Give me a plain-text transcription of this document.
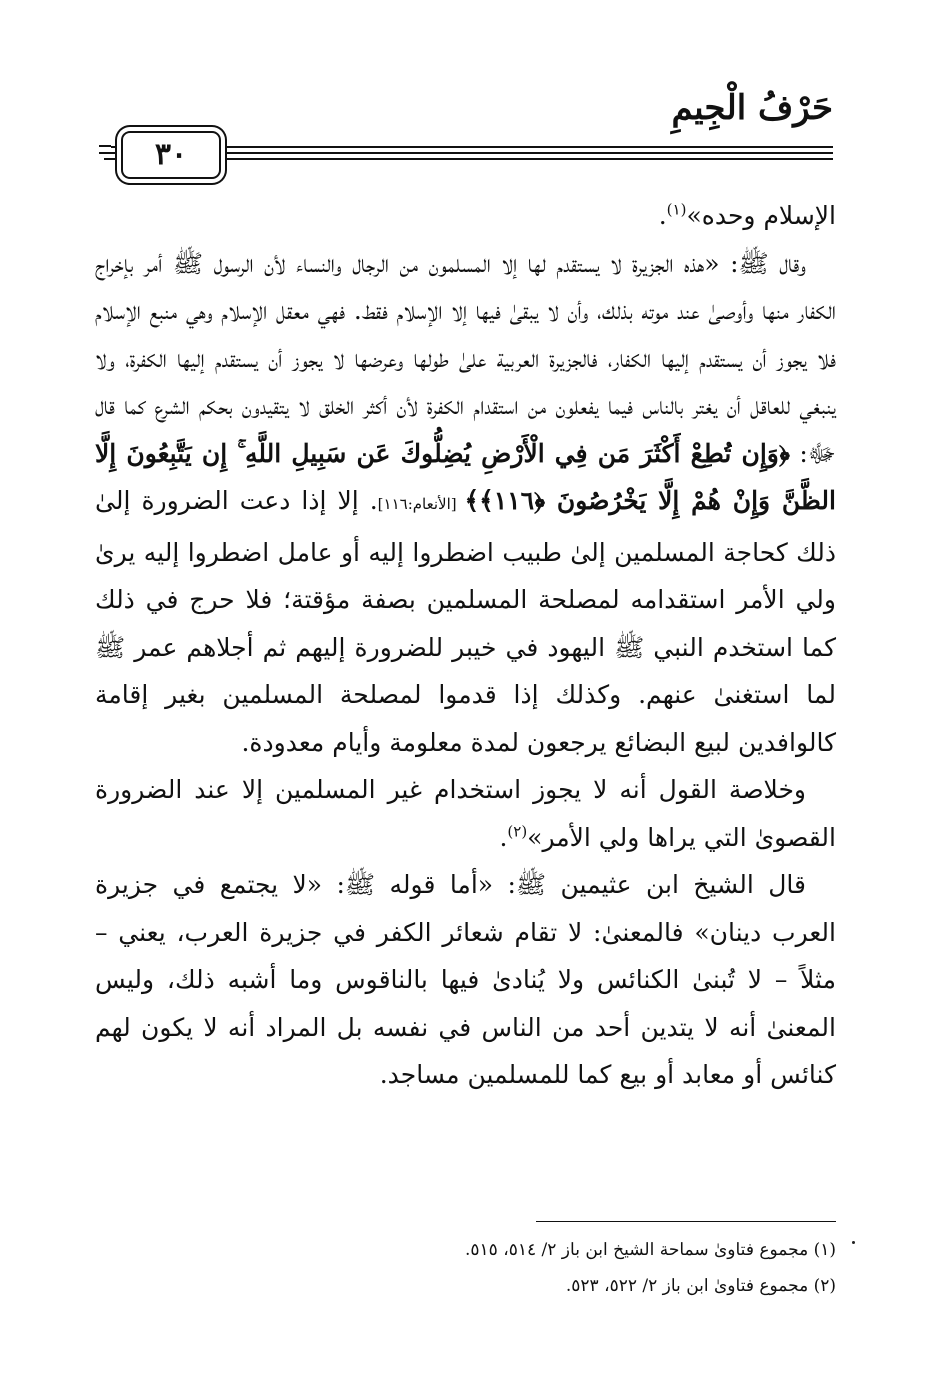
حَرْفُ الْجِيمِ
٣٠

الإسلام وحده»$^{(١)}$.

وقال ﷺ: «هذه الجزيرة لا يستقدم لها إلا المسلمون من الرجال والنساء لأن الرسول ﷺ أمر بإخراج الكفار منها وأوصىٰ عند موته بذلك، وأن لا يبقىٰ فيها إلا الإسلام فقط. فهي معقل الإسلام وهي منبع الإسلام فلا يجوز أن يستقدم إليها الكفار، فالجزيرة العربية علىٰ طولها وعرضها لا يجوز أن يستقدم إليها الكفرة، ولا ينبغي للعاقل أن يغتر بالناس فيما يفعلون من استقدام الكفرة لأن أكثر الخلق لا يتقيدون بحكم الشرع كما قال ﷻ: ﴿وَإِن تُطِعْ أَكْثَرَ مَن فِي الْأَرْضِ يُضِلُّوكَ عَن سَبِيلِ اللَّهِ ۚ إِن يَتَّبِعُونَ إِلَّا الظَّنَّ وَإِنْ هُمْ إِلَّا يَخْرُصُونَ ﴿١١٦﴾﴾ [الأنعام:١١٦]. إلا إذا دعت الضرورة إلىٰ ذلك كحاجة المسلمين إلىٰ طبيب اضطروا إليه أو عامل اضطروا إليه يرىٰ ولي الأمر استقدامه لمصلحة المسلمين بصفة مؤقتة؛ فلا حرج في ذلك كما استخدم النبي ﷺ اليهود في خيبر للضرورة إليهم ثم أجلاهم عمر ﷺ لما استغنىٰ عنهم. وكذلك إذا قدموا لمصلحة المسلمين بغير إقامة كالوافدين لبيع البضائع يرجعون لمدة معلومة وأيام معدودة.

وخلاصة القول أنه لا يجوز استخدام غير المسلمين إلا عند الضرورة القصوىٰ التي يراها ولي الأمر»$^{(٢)}$.

قال الشيخ ابن عثيمين ﷺ: «أما قوله ﷺ: «لا يجتمع في جزيرة العرب دينان» فالمعنىٰ: لا تقام شعائر الكفر في جزيرة العرب، يعني – مثلاً – لا تُبنىٰ الكنائس ولا يُنادىٰ فيها بالناقوس وما أشبه ذلك، وليس المعنىٰ أنه لا يتدين أحد من الناس في نفسه بل المراد أنه لا يكون لهم كنائس أو معابد أو بيع كما للمسلمين مساجد.

(١) مجموع فتاوىٰ سماحة الشيخ ابن باز ٢/ ٥١٤، ٥١٥.
(٢) مجموع فتاوىٰ ابن باز ٢/ ٥٢٢، ٥٢٣.
